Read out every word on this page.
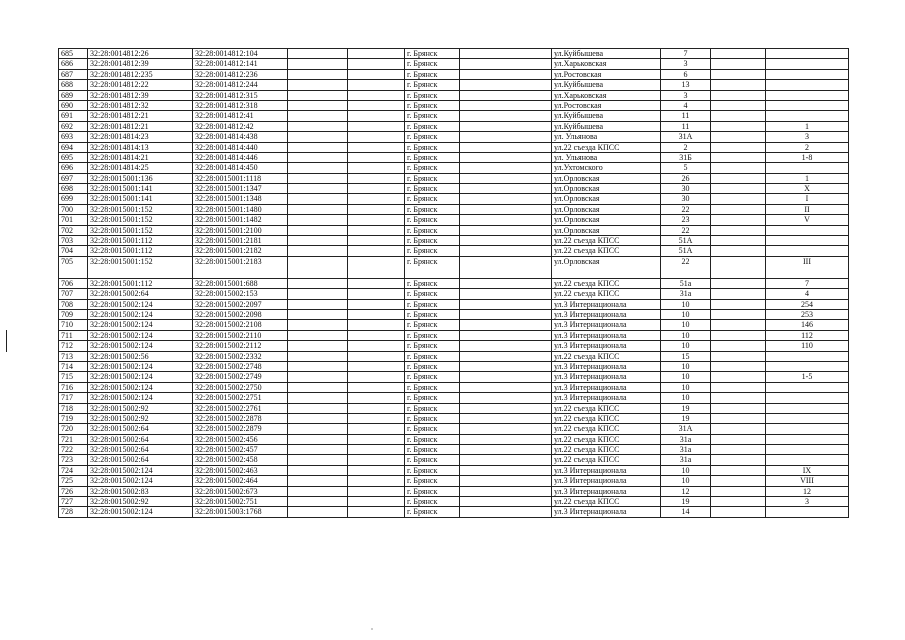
685	32:28:0014812:26	32:28:0014812:104			г. Брянск		ул.Куйбышева	7		
686	32:28:0014812:39	32:28:0014812:141			г. Брянск		ул.Харьковская	3		
687	32:28:0014812:235	32:28:0014812:236			г. Брянск		ул.Ростовская	6		
688	32:28:0014812:22	32:28:0014812:244			г. Брянск		ул.Куйбышева	13		
689	32:28:0014812:39	32:28:0014812:315			г. Брянск		ул.Харьковская	3		
690	32:28:0014812:32	32:28:0014812:318			г. Брянск		ул.Ростовская	4		
691	32:28:0014812:21	32:28:0014812:41			г. Брянск		ул.Куйбышева	11		
692	32:28:0014812:21	32:28:0014812:42			г. Брянск		ул.Куйбышева	11		1
693	32:28:0014814:23	32:28:0014814:438			г. Брянск		ул. Ульянова	31А		3
694	32:28:0014814:13	32:28:0014814:440			г. Брянск		ул.22 съезда КПСС	2		2
695	32:28:0014814:21	32:28:0014814:446			г. Брянск		ул. Ульянова	31Б		1-8
696	32:28:0014814:25	32:28:0014814:450			г. Брянск		ул.Ухтомского	5		
697	32:28:0015001:136	32:28:0015001:1118			г. Брянск		ул.Орловская	26		1
698	32:28:0015001:141	32:28:0015001:1347			г. Брянск		ул.Орловская	30		X
699	32:28:0015001:141	32:28:0015001:1348			г. Брянск		ул.Орловская	30		I
700	32:28:0015001:152	32:28:0015001:1480			г. Брянск		ул.Орловская	22		II
701	32:28:0015001:152	32:28:0015001:1482			г. Брянск		ул.Орловская	23		V
702	32:28:0015001:152	32:28:0015001:2100			г. Брянск		ул.Орловская	22		
703	32:28:0015001:112	32:28:0015001:2181			г. Брянск		ул.22 съезда КПСС	51А		
704	32:28:0015001:112	32:28:0015001:2182			г. Брянск		ул.22 съезда КПСС	51А		
705	32:28:0015001:152	32:28:0015001:2183			г. Брянск		ул.Орловская	22		III
706	32:28:0015001:112	32:28:0015001:688			г. Брянск		ул.22 съезда КПСС	51а		7
707	32:28:0015002:64	32:28:0015002:153			г. Брянск		ул.22 съезда КПСС	31а		4
708	32:28:0015002:124	32:28:0015002:2097			г. Брянск		ул.3 Интернационала	10		254
709	32:28:0015002:124	32:28:0015002:2098			г. Брянск		ул.3 Интернационала	10		253
710	32:28:0015002:124	32:28:0015002:2108			г. Брянск		ул.3 Интернационала	10		146
711	32:28:0015002:124	32:28:0015002:2110			г. Брянск		ул.3 Интернационала	10		112
712	32:28:0015002:124	32:28:0015002:2112			г. Брянск		ул.3 Интернационала	10		110
713	32:28:0015002:56	32:28:0015002:2332			г. Брянск		ул.22 съезда КПСС	15		
714	32:28:0015002:124	32:28:0015002:2748			г. Брянск		ул.3 Интернационала	10		
715	32:28:0015002:124	32:28:0015002:2749			г. Брянск		ул.3 Интернационала	10		1-5
716	32:28:0015002:124	32:28:0015002:2750			г. Брянск		ул.3 Интернационала	10		
717	32:28:0015002:124	32:28:0015002:2751			г. Брянск		ул.3 Интернационала	10		
718	32:28:0015002:92	32:28:0015002:2761			г. Брянск		ул.22 съезда КПСС	19		
719	32:28:0015002:92	32:28:0015002:2878			г. Брянск		ул.22 съезда КПСС	19		
720	32:28:0015002:64	32:28:0015002:2879			г. Брянск		ул.22 съезда КПСС	31А		
721	32:28:0015002:64	32:28:0015002:456			г. Брянск		ул.22 съезда КПСС	31а		
722	32:28:0015002:64	32:28:0015002:457			г. Брянск		ул.22 съезда КПСС	31а		
723	32:28:0015002:64	32:28:0015002:458			г. Брянск		ул.22 съезда КПСС	31а		
724	32:28:0015002:124	32:28:0015002:463			г. Брянск		ул.3 Интернационала	10		IX
725	32:28:0015002:124	32:28:0015002:464			г. Брянск		ул.3 Интернационала	10		VIII
726	32:28:0015002:83	32:28:0015002:673			г. Брянск		ул.3 Интернационала	12		12
727	32:28:0015002:92	32:28:0015002:751			г. Брянск		ул.22 съезда КПСС	19		3
728	32:28:0015002:124	32:28:0015003:1768			г. Брянск		ул.3 Интернационала	14		
